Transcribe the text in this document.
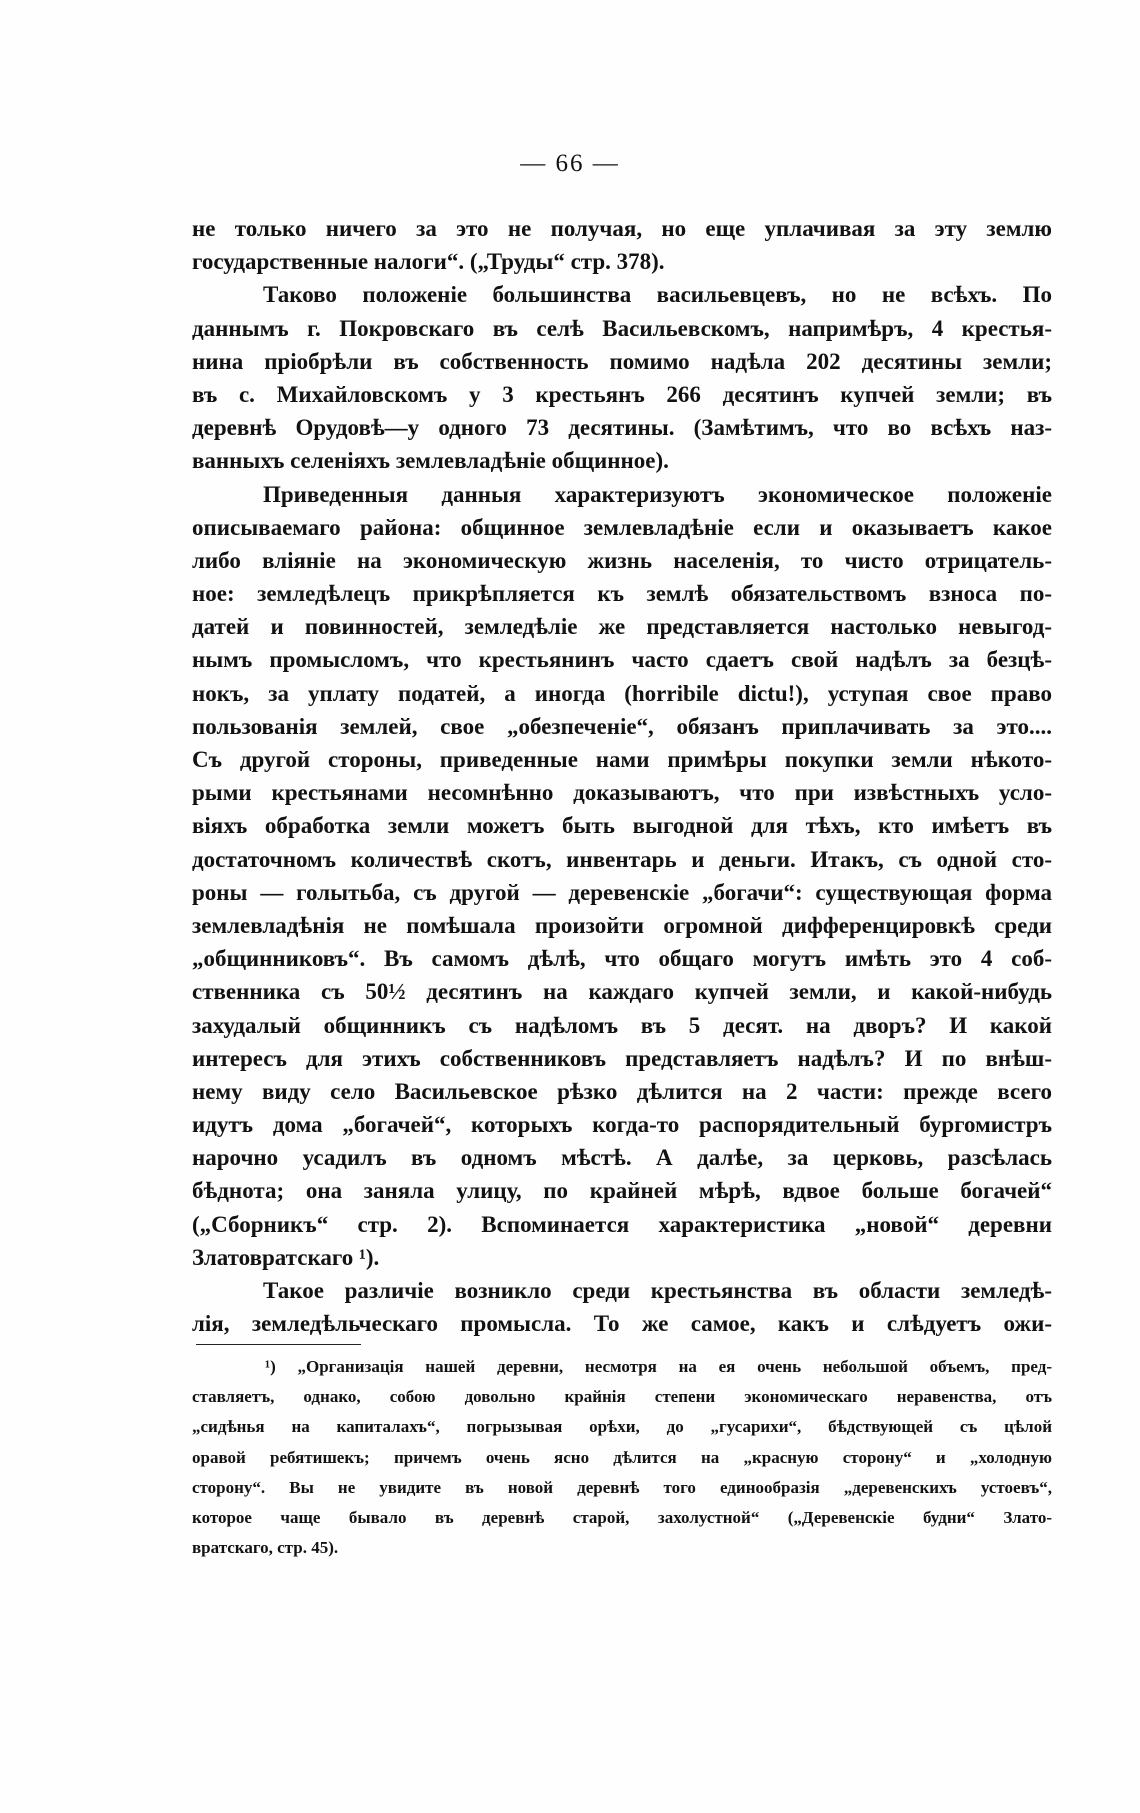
— 66 —
не только ничего за это не получая, но еще уплачивая за эту землю
государственные налоги“. („Труды“ стр. 378).
Таково положеніе большинства васильевцевъ, но не всѣхъ. По
даннымъ г. Покровскаго въ селѣ Васильевскомъ, напримѣръ, 4 крестья-
нина пріобрѣли въ собственность помимо надѣла 202 десятины земли;
въ с. Михайловскомъ у 3 крестьянъ 266 десятинъ купчей земли; въ
деревнѣ Орудовѣ—у одного 73 десятины. (Замѣтимъ, что во всѣхъ наз-
ванныхъ селеніяхъ землевладѣніе общинное).
Приведенныя данныя характеризуютъ экономическое положеніе
описываемаго района: общинное землевладѣніе если и оказываетъ какое
либо вліяніе на экономическую жизнь населенія, то чисто отрицатель-
ное: земледѣлецъ прикрѣпляется къ землѣ обязательствомъ взноса по-
датей и повинностей, земледѣліе же представляется настолько невыгод-
нымъ промысломъ, что крестьянинъ часто сдаетъ свой надѣлъ за безцѣ-
нокъ, за уплату податей, а иногда (horribile dictu!), уступая свое право
пользованія землей, свое „обезпеченіе“, обязанъ приплачивать за это....
Съ другой стороны, приведенные нами примѣры покупки земли нѣкото-
рыми крестьянами несомнѣнно доказываютъ, что при извѣстныхъ усло-
віяхъ обработка земли можетъ быть выгодной для тѣхъ, кто имѣетъ въ
достаточномъ количествѣ скотъ, инвентарь и деньги. Итакъ, съ одной сто-
роны — голытьба, съ другой — деревенскіе „богачи“: существующая форма
землевладѣнія не помѣшала произойти огромной дифференцировкѣ среди
„общинниковъ“. Въ самомъ дѣлѣ, что общаго могутъ имѣть это 4 соб-
ственника съ 50½ десятинъ на каждаго купчей земли, и какой-нибудь
захудалый общинникъ съ надѣломъ въ 5 десят. на дворъ? И какой
интересъ для этихъ собственниковъ представляетъ надѣлъ? И по внѣш-
нему виду село Васильевское рѣзко дѣлится на 2 части: прежде всего
идутъ дома „богачей“, которыхъ когда-то распорядительный бургомистръ
нарочно усадилъ въ одномъ мѣстѣ. А далѣе, за церковь, разсѣлась
бѣднота; она заняла улицу, по крайней мѣрѣ, вдвое больше богачей“
(„Сборникъ“ стр. 2). Вспоминается характеристика „новой“ деревни
Златовратскаго ¹).
Такое различіе возникло среди крестьянства въ области земледѣ-
лія, земледѣльческаго промысла. То же самое, какъ и слѣдуетъ ожи-
¹) „Организація нашей деревни, несмотря на ея очень небольшой объемъ, пред-
ставляетъ, однако, собою довольно крайнія степени экономическаго неравенства, отъ
„сидѣнья на капиталахъ“, погрызывая орѣхи, до „гусарихи“, бѣдствующей съ цѣлой
оравой ребятишекъ; причемъ очень ясно дѣлится на „красную сторону“ и „холодную
сторону“. Вы не увидите въ новой деревнѣ того единообразія „деревенскихъ устоевъ“,
которое чаще бывало въ деревнѣ старой, захолустной“ („Деревенскіе будни“ Злато-
вратскаго, стр. 45).
